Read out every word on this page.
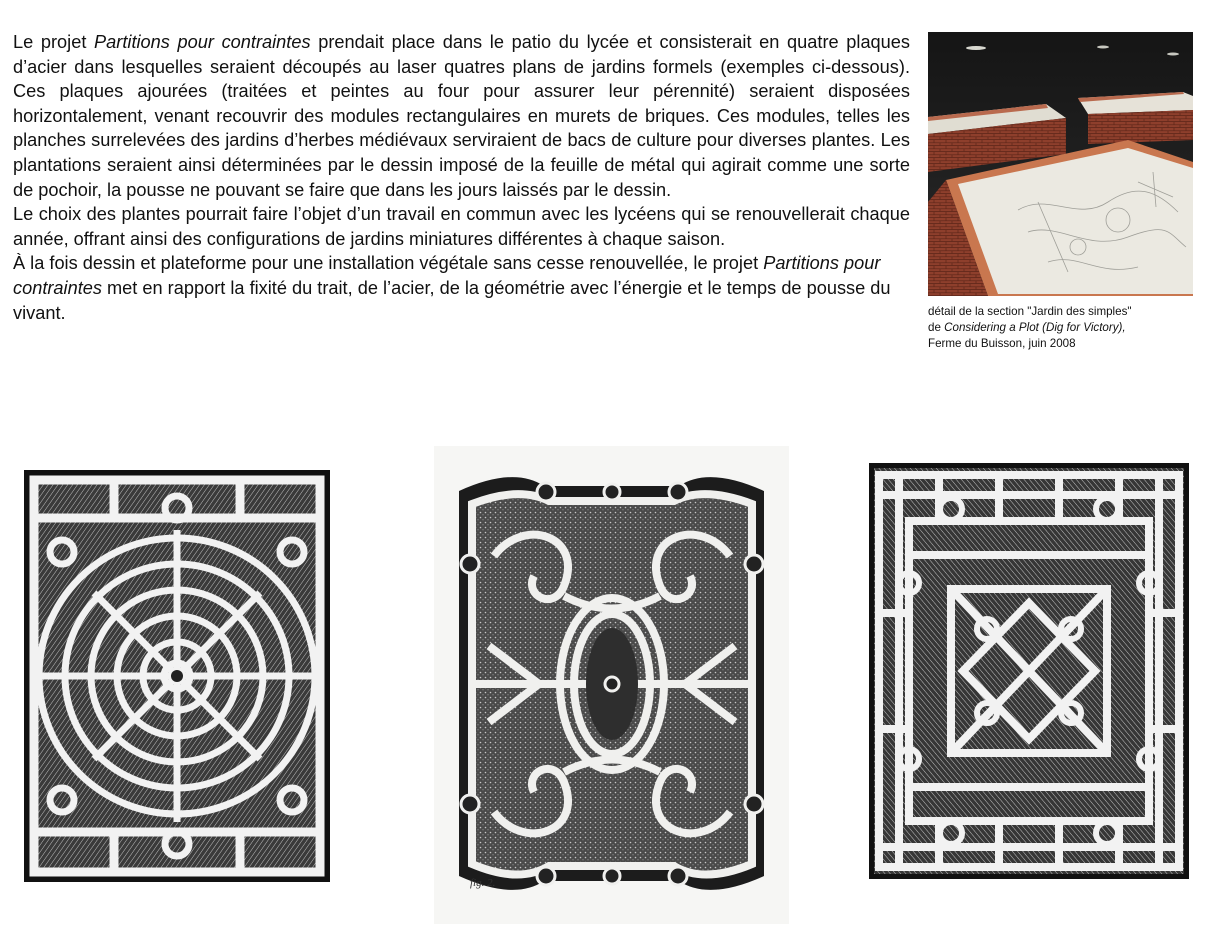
Le projet Partitions pour contraintes prendait place dans le patio du lycée et consisterait en quatre plaques d’acier dans lesquelles seraient découpés au laser quatres plans de jardins formels (exemples ci-dessous). Ces plaques ajourées (traitées et peintes au four pour assurer leur pérennité) seraient disposées horizontalement, venant recouvrir des modules rectangulaires en murets de briques. Ces modules, telles les planches surrelevées des jardins d’herbes médiévaux serviraient de bacs de culture pour diverses plantes. Les plantations seraient ainsi déterminées par le dessin imposé de la feuille de métal qui agirait comme une sorte de pochoir, la pousse ne pouvant se faire que dans les jours laissés par le dessin.

Le choix des plantes pourrait faire l’objet d’un travail en commun avec les lycéens qui se renouvellerait chaque année, offrant ainsi des configurations de jardins miniatures différentes à chaque saison.

À la fois dessin et plateforme pour une installation végétale sans cesse renouvellée, le projet Partitions pour contraintes met en rapport la fixité du trait, de l’acier, de la géométrie avec l’énergie et le temps de pousse du vivant.	détail de la section "Jardin des simples"
de Considering a Plot (Dig for Victory),
Ferme du Buisson, juin 2008
fig. 2.
